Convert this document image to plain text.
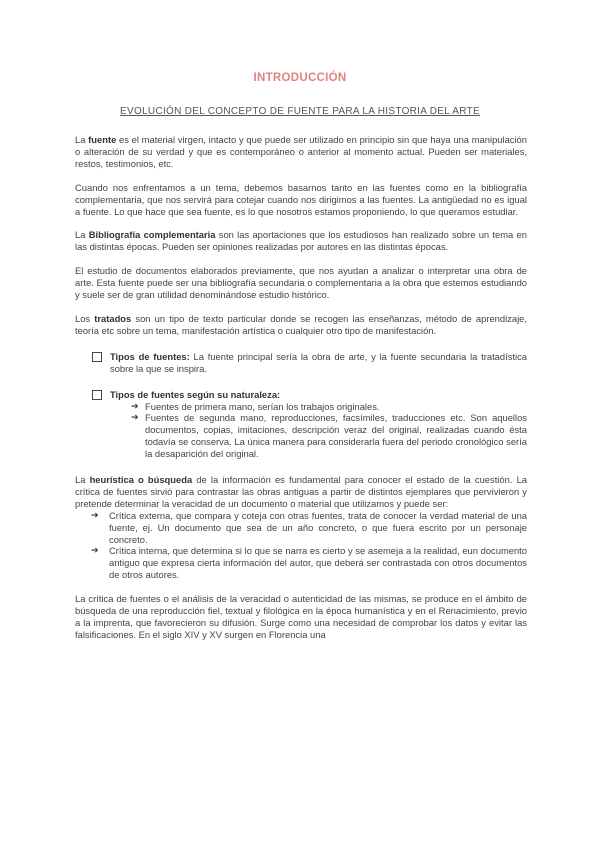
INTRODUCCIÓN
EVOLUCIÓN DEL CONCEPTO DE FUENTE PARA LA HISTORIA DEL ARTE

La fuente es el material virgen, intacto y que puede ser utilizado en principio sin que haya una manipulación o alteración de su verdad y que es contemporáneo o anterior al momento actual. Pueden ser materiales, restos, testimonios, etc.

Cuando nos enfrentamos a un tema, debemos basarnos tanto en las fuentes como en la bibliografía complementaria, que nos servirá para cotejar cuando nos dirigimos a las fuentes. La antigüedad no es igual a fuente. Lo que hace que sea fuente, es lo que nosotros estamos proponiendo, lo que queramos estudiar.

La Bibliografía complementaria son las aportaciones que los estudiosos han realizado sobre un tema en las distintas épocas. Pueden ser opiniones realizadas por autores en las distintas épocas.

El estudio de documentos elaborados previamente, que nos ayudan a analizar o interpretar una obra de arte. Esta fuente puede ser una bibliografía secundaria o complementaria a la obra que estemos estudiando y suele ser de gran utilidad denominándose estudio histórico.

Los tratados son un tipo de texto particular donde se recogen las enseñanzas, método de aprendizaje, teoría etc sobre un tema, manifestación artística o cualquier otro tipo de manifestación.

Tipos de fuentes: La fuente principal sería la obra de arte, y la fuente secundaria la tratadística sobre la que se inspira.
Tipos de fuentes según su naturaleza:
➔ Fuentes de primera mano, serían los trabajos originales.
➔ Fuentes de segunda mano, reproducciones, facsímiles, traducciones etc. Son aquellos documentos, copias, imitaciones, descripción veraz del original, realizadas cuando ésta todavía se conserva. La única manera para considerarla fuera del periodo cronológico sería la desaparición del original.

La heurística o búsqueda de la información es fundamental para conocer el estado de la cuestión. La crítica de fuentes sirvió para contrastar las obras antiguas a partir de distintos ejemplares que pervivieron y pretende determinar la veracidad de un documento o material que utilizamos y puede ser:

➔ Crítica externa, que compara y coteja con otras fuentes, trata de conocer la verdad material de una fuente, ej. Un documento que sea de un año concreto, o que fuera escrito por un personaje concreto.
➔ Crítica interna, que determina si lo que se narra es cierto y se asemeja a la realidad, eun documento antiguo que expresa cierta información del autor, que deberá ser contrastada con otros documentos de otros autores.

La crítica de fuentes o el análisis de la veracidad o autenticidad de las mismas, se produce en el ámbito de búsqueda de una reproducción fiel, textual y filológica en la época humanística y en el Renacimiento, previo a la imprenta, que favorecieron su difusión. Surge como una necesidad de comprobar los datos y evitar las falsificaciones. En el siglo XIV y XV surgen en Florencia una
